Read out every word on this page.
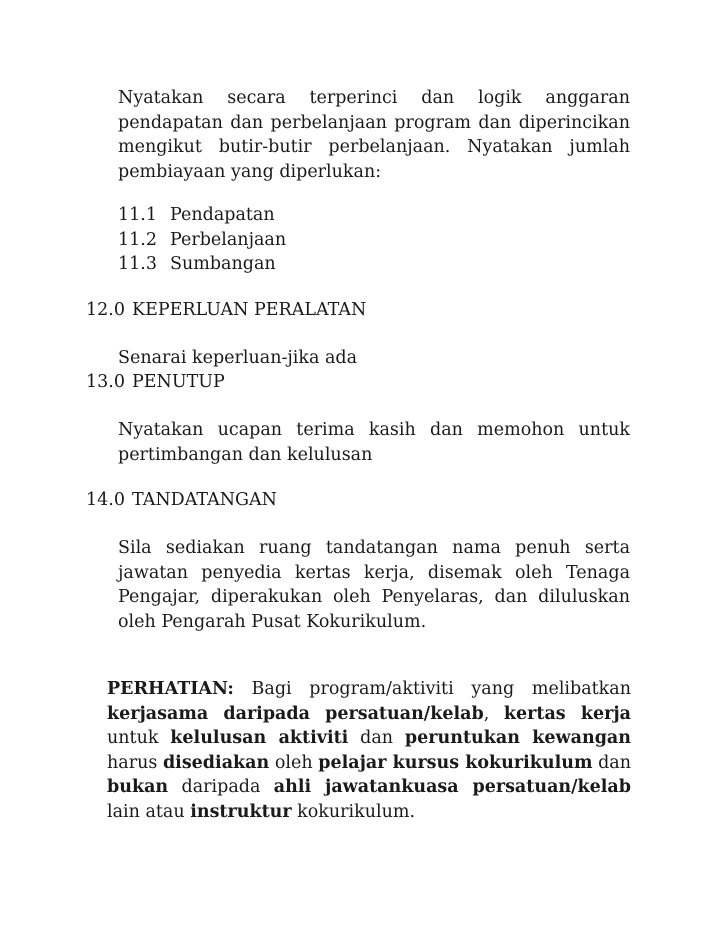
Nyatakan secara terperinci dan logik anggaran pendapatan dan perbelanjaan program dan diperincikan mengikut butir-butir perbelanjaan. Nyatakan jumlah pembiayaan yang diperlukan:

11.1 Pendapatan
11.2 Perbelanjaan
11.3 Sumbangan
12.0 KEPERLUAN PERALATAN

Senarai keperluan-jika ada

13.0 PENUTUP

Nyatakan ucapan terima kasih dan memohon untuk pertimbangan dan kelulusan

14.0 TANDATANGAN

Sila sediakan ruang tandatangan nama penuh serta jawatan penyedia kertas kerja, disemak oleh Tenaga Pengajar, diperakukan oleh Penyelaras, dan diluluskan oleh Pengarah Pusat Kokurikulum.

PERHATIAN: Bagi program/aktiviti yang melibatkan kerjasama daripada persatuan/kelab, kertas kerja untuk kelulusan aktiviti dan peruntukan kewangan harus disediakan oleh pelajar kursus kokurikulum dan bukan daripada ahli jawatankuasa persatuan/kelab lain atau instruktur kokurikulum.
